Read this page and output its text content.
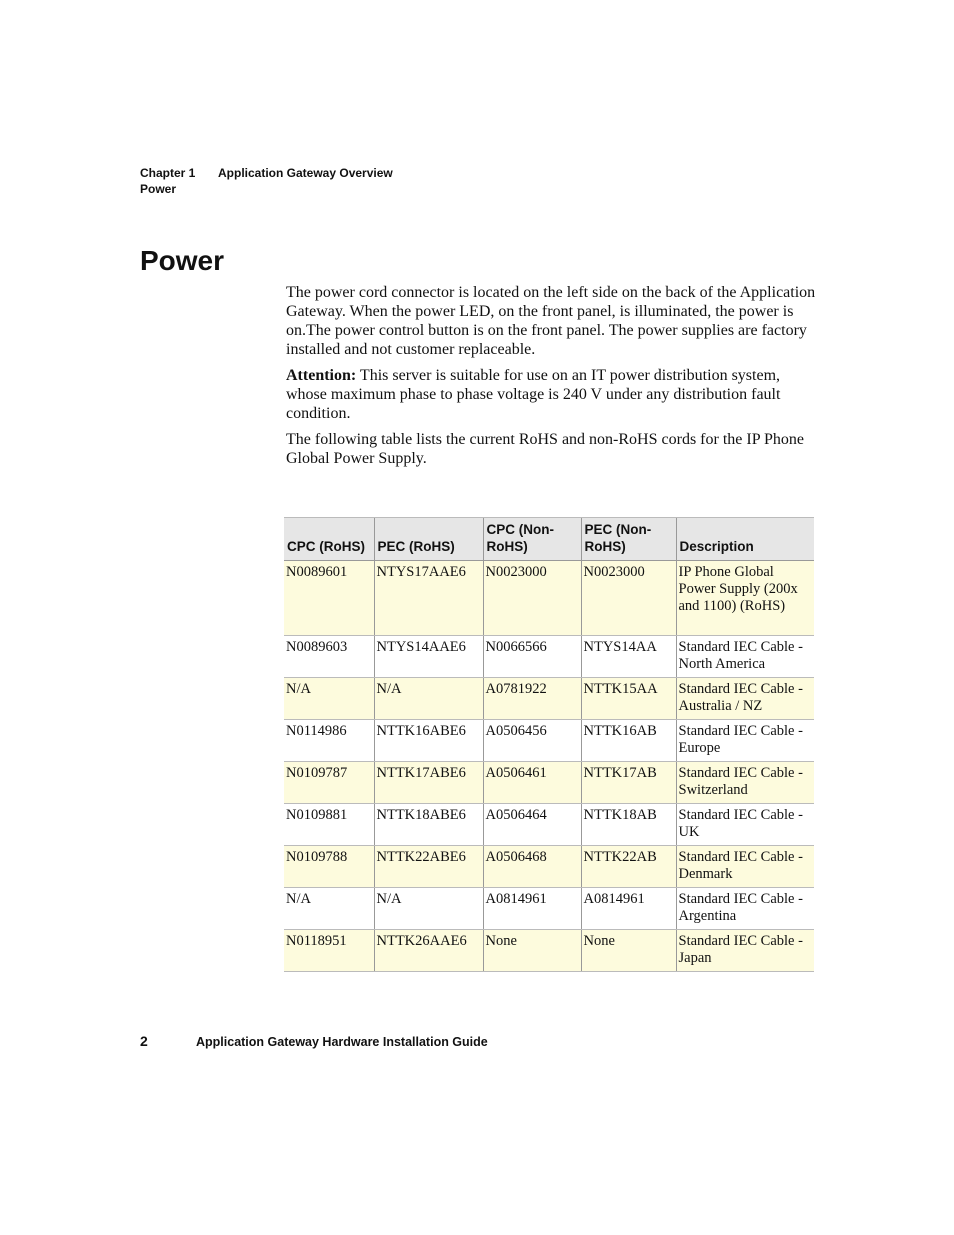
Chapter 1 Application Gateway Overview
Power
Power

The power cord connector is located on the left side on the back of the Application Gateway. When the power LED, on the front panel, is illuminated, the power is on.The power control button is on the front panel. The power supplies are factory installed and not customer replaceable.

Attention: This server is suitable for use on an IT power distribution system, whose maximum phase to phase voltage is 240 V under any distribution fault condition.

The following table lists the current RoHS and non-RoHS cords for the IP Phone Global Power Supply.

CPC (RoHS)	PEC (RoHS)	CPC (Non-RoHS)	PEC (Non-RoHS)	Description
N0089601	NTYS17AAE6	N0023000	N0023000	IP Phone Global Power Supply (200x and 1100) (RoHS)
N0089603	NTYS14AAE6	N0066566	NTYS14AA	Standard IEC Cable - North America
N/A	N/A	A0781922	NTTK15AA	Standard IEC Cable - Australia / NZ
N0114986	NTTK16ABE6	A0506456	NTTK16AB	Standard IEC Cable - Europe
N0109787	NTTK17ABE6	A0506461	NTTK17AB	Standard IEC Cable - Switzerland
N0109881	NTTK18ABE6	A0506464	NTTK18AB	Standard IEC Cable - UK
N0109788	NTTK22ABE6	A0506468	NTTK22AB	Standard IEC Cable - Denmark
N/A	N/A	A0814961	A0814961	Standard IEC Cable - Argentina
N0118951	NTTK26AAE6	None	None	Standard IEC Cable - Japan
2	Application Gateway Hardware Installation Guide
